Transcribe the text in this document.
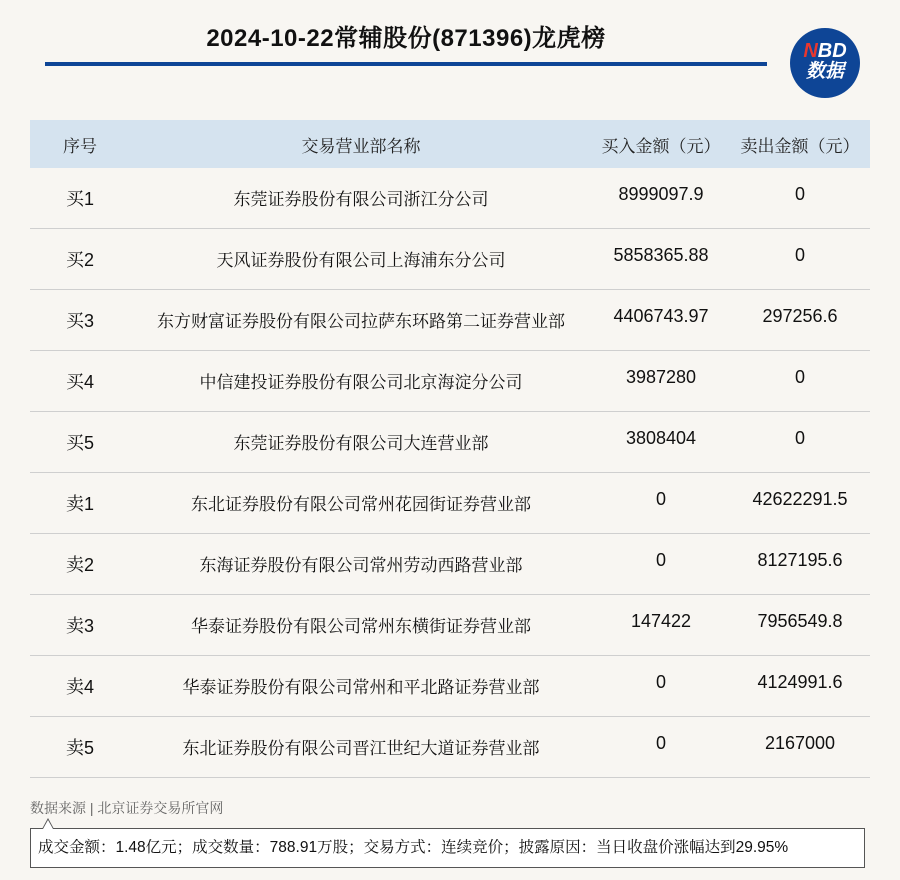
2024-10-22常辅股份(871396)龙虎榜	NBD
数据
序号	交易营业部名称	买入金额（元）	卖出金额（元）
买1	东莞证券股份有限公司浙江分公司	8999097.9	0
买2	天风证券股份有限公司上海浦东分公司	5858365.88	0
买3	东方财富证券股份有限公司拉萨东环路第二证券营业部	4406743.97	297256.6
买4	中信建投证券股份有限公司北京海淀分公司	3987280	0
买5	东莞证券股份有限公司大连营业部	3808404	0
卖1	东北证券股份有限公司常州花园街证券营业部	0	42622291.5
卖2	东海证券股份有限公司常州劳动西路营业部	0	8127195.6
卖3	华泰证券股份有限公司常州东横街证券营业部	147422	7956549.8
卖4	华泰证券股份有限公司常州和平北路证券营业部	0	4124991.6
卖5	东北证券股份有限公司晋江世纪大道证券营业部	0	2167000
数据来源 | 北京证券交易所官网
成交金额：1.48亿元；成交数量：788.91万股；交易方式：连续竞价；披露原因：当日收盘价涨幅达到29.95%
